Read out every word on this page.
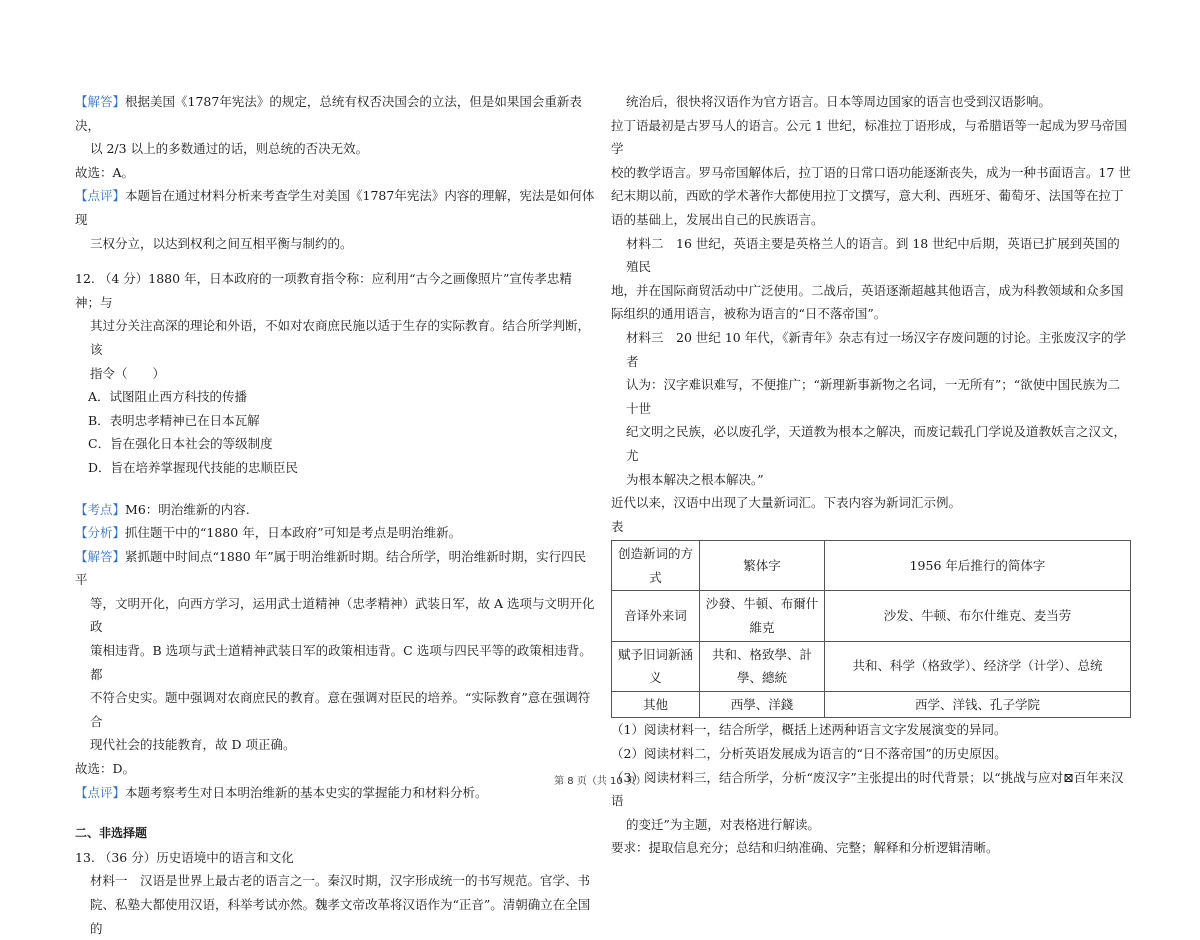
【解答】根据美国《1787年宪法》的规定，总统有权否决国会的立法，但是如果国会重新表决，

以 2/3 以上的多数通过的话，则总统的否决无效。

故选：A。

【点评】本题旨在通过材料分析来考查学生对美国《1787年宪法》内容的理解，宪法是如何体现

三权分立，以达到权利之间互相平衡与制约的。

12. （4 分）1880 年，日本政府的一项教育指令称：应利用“古今之画像照片”宣传孝忠精神；与

其过分关注高深的理论和外语，不如对农商庶民施以适于生存的实际教育。结合所学判断，该

指令（　　）

A．试图阻止西方科技的传播

B．表明忠孝精神已在日本瓦解

C．旨在强化日本社会的等级制度

D．旨在培养掌握现代技能的忠顺臣民

【考点】M6：明治维新的内容.

【分析】抓住题干中的“1880 年，日本政府”可知是考点是明治维新。

【解答】紧抓题中时间点“1880 年”属于明治维新时期。结合所学，明治维新时期，实行四民平

等，文明开化，向西方学习，运用武士道精神（忠孝精神）武装日军，故 A 选项与文明开化政

策相违背。B 选项与武士道精神武装日军的政策相违背。C 选项与四民平等的政策相违背。都

不符合史实。题中强调对农商庶民的教育。意在强调对臣民的培养。“实际教育”意在强调符合

现代社会的技能教育，故 D 项正确。

故选：D。

【点评】本题考察考生对日本明治维新的基本史实的掌握能力和材料分析。

二、非选择题

13. （36 分）历史语境中的语言和文化

材料一　汉语是世界上最古老的语言之一。秦汉时期，汉字形成统一的书写规范。官学、书

院、私塾大都使用汉语，科举考试亦然。魏孝文帝改革将汉语作为“正音”。清朝确立在全国的

统治后，很快将汉语作为官方语言。日本等周边国家的语言也受到汉语影响。

拉丁语最初是古罗马人的语言。公元 1 世纪，标准拉丁语形成，与希腊语等一起成为罗马帝国学

校的教学语言。罗马帝国解体后，拉丁语的日常口语功能逐渐丧失，成为一种书面语言。17 世

纪末期以前，西欧的学术著作大都使用拉丁文撰写，意大利、西班牙、葡萄牙、法国等在拉丁

语的基础上，发展出自己的民族语言。

材料二　16 世纪，英语主要是英格兰人的语言。到 18 世纪中后期，英语已扩展到英国的殖民

地，并在国际商贸活动中广泛使用。二战后，英语逐渐超越其他语言，成为科教领域和众多国

际组织的通用语言，被称为语言的“日不落帝国”。

材料三　20 世纪 10 年代，《新青年》杂志有过一场汉字存废问题的讨论。主张废汉字的学者

认为：汉字难识难写，不便推广；“新理新事新物之名词，一无所有”；“欲使中国民族为二十世

纪文明之民族，必以废孔学，天道教为根本之解决，而废记载孔门学说及道教妖言之汉文，尤

为根本解决之根本解决。”

近代以来，汉语中出现了大量新词汇。下表内容为新词汇示例。

表

创造新词的方式	繁体字	1956 年后推行的简体字
音译外来词	沙發、牛頓、布爾什維克	沙发、牛顿、布尔什维克、麦当劳
赋予旧词新涵义	共和、格致學、計學、總統	共和、科学（格致学）、经济学（计学）、总统
其他	西學、洋錢	西学、洋钱、孔子学院

（1）阅读材料一，结合所学，概括上述两种语言文字发展演变的异同。

（2）阅读材料二，分析英语发展成为语言的“日不落帝国”的历史原因。

（3）阅读材料三，结合所学，分析“废汉字”主张提出的时代背景；以“挑战与应对⊠百年来汉语

的变迁”为主题，对表格进行解读。

要求：提取信息充分；总结和归纳准确、完整；解释和分析逻辑清晰。

第 8 页（共 10 页）
